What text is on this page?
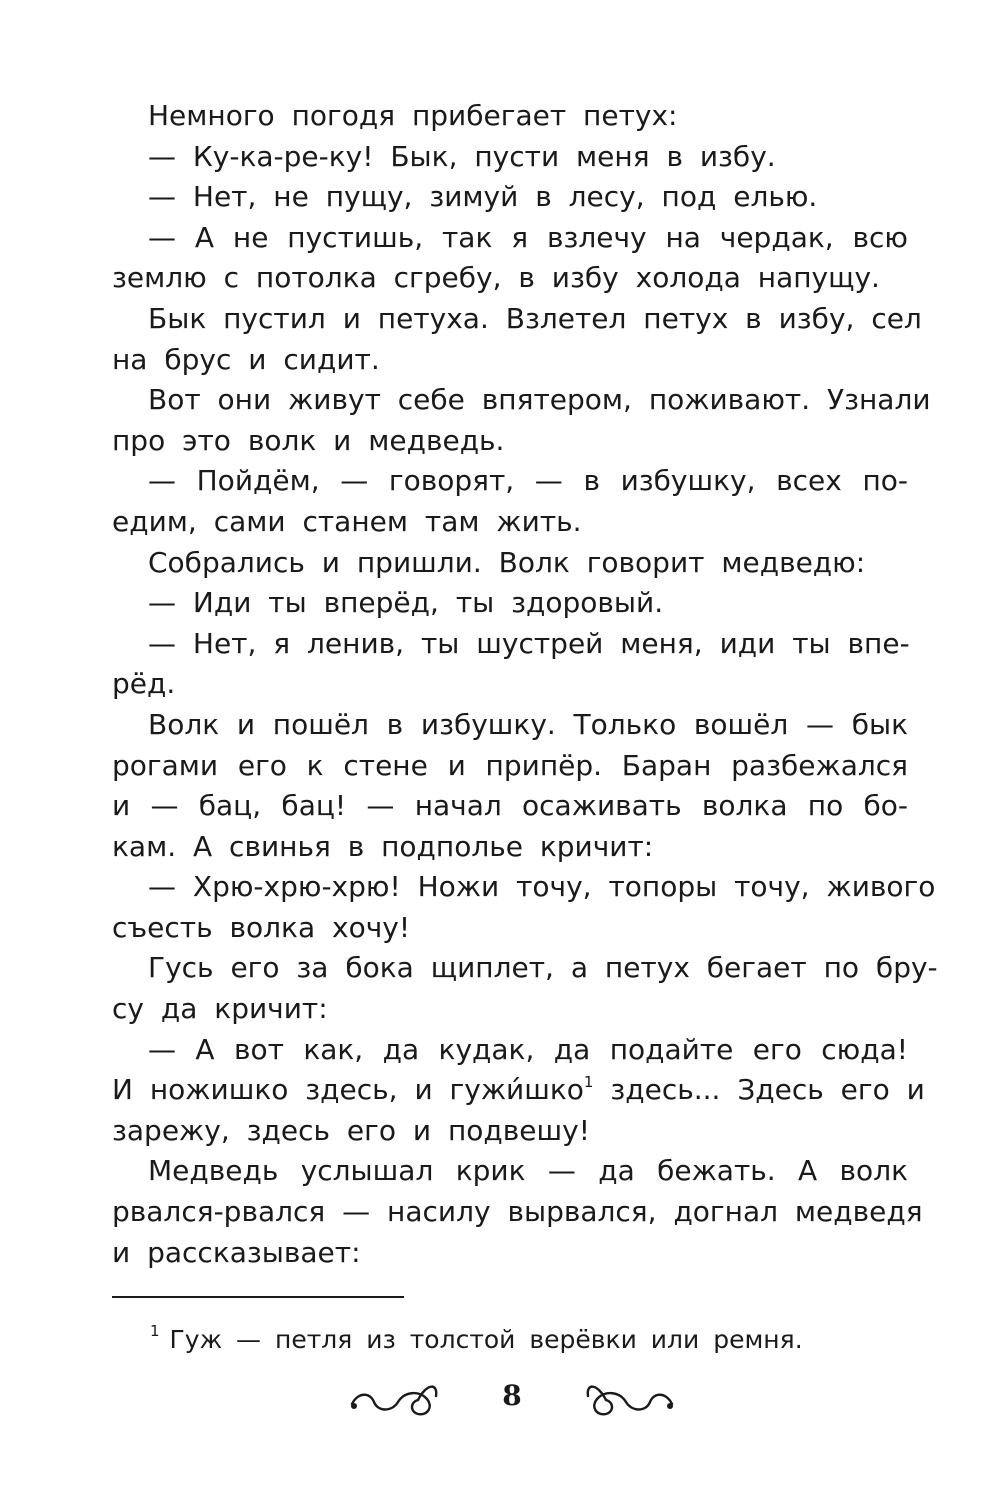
Немного погодя прибегает петух:
— Ку-ка-ре-ку! Бык, пусти меня в избу.
— Нет, не пущу, зимуй в лесу, под елью.
— А не пустишь, так я взлечу на чердак, всю
землю с потолка сгребу, в избу холода напущу.
Бык пустил и петуха. Взлетел петух в избу, сел
на брус и сидит.
Вот они живут себе впятером, поживают. Узнали
про это волк и медведь.
— Пойдём, — говорят, — в избушку, всех по-
едим, сами станем там жить.
Собрались и пришли. Волк говорит медведю:
— Иди ты вперёд, ты здоровый.
— Нет, я ленив, ты шустрей меня, иди ты впе-
рёд.
Волк и пошёл в избушку. Только вошёл — бык
рогами его к стене и припёр. Баран разбежался
и — бац, бац! — начал осаживать волка по бо-
кам. А свинья в подполье кричит:
— Хрю-хрю-хрю! Ножи точу, топоры точу, живого
съесть волка хочу!
Гусь его за бока щиплет, а петух бегает по бру-
су да кричит:
— А вот как, да кудак, да подайте его сюда!
И ножишко здесь, и гужи́шко$^1$ здесь... Здесь его и
зарежу, здесь его и подвешу!
Медведь услышал крик — да бежать. А волк
рвался-рвался — насилу вырвался, догнал медведя
и рассказывает:
$^1$ Гуж — петля из толстой верёвки или ремня.
8
